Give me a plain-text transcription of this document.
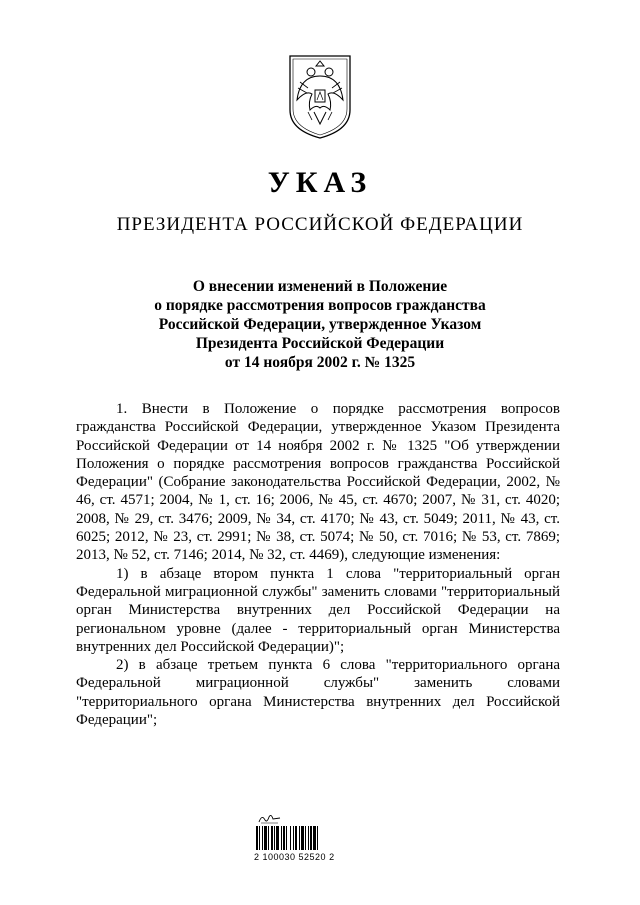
УКАЗ
ПРЕЗИДЕНТА РОССИЙСКОЙ ФЕДЕРАЦИИ
О внесении изменений в Положение
о порядке рассмотрения вопросов гражданства
Российской Федерации, утвержденное Указом
Президента Российской Федерации
от 14 ноября 2002 г. № 1325

1. Внести в Положение о порядке рассмотрения вопросов гражданства Российской Федерации, утвержденное Указом Президента Российской Федерации от 14 ноября 2002 г. № 1325 "Об утверждении Положения о порядке рассмотрения вопросов гражданства Российской Федерации" (Собрание законодательства Российской Федерации, 2002, № 46, ст. 4571; 2004, № 1, ст. 16; 2006, № 45, ст. 4670; 2007, № 31, ст. 4020; 2008, № 29, ст. 3476; 2009, № 34, ст. 4170; № 43, ст. 5049; 2011, № 43, ст. 6025; 2012, № 23, ст. 2991; № 38, ст. 5074; № 50, ст. 7016; № 53, ст. 7869; 2013, № 52, ст. 7146; 2014, № 32, ст. 4469), следующие изменения:

1) в абзаце втором пункта 1 слова "территориальный орган Федеральной миграционной службы" заменить словами "территориальный орган Министерства внутренних дел Российской Федерации на региональном уровне (далее - территориальный орган Министерства внутренних дел Российской Федерации)";

2) в абзаце третьем пункта 6 слова "территориального органа Федеральной миграционной службы" заменить словами "территориального органа Министерства внутренних дел Российской Федерации";

2 100030 52520 2
